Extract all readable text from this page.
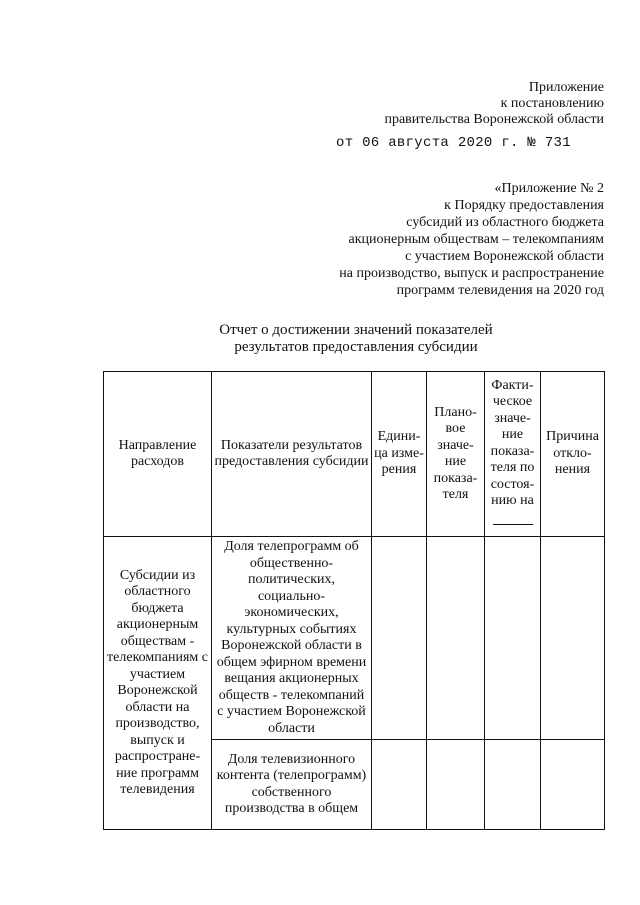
Приложение
к постановлению
правительства Воронежской области
от 06 августа 2020 г. № 731
«Приложение № 2
к Порядку предоставления
субсидий из областного бюджета
акционерным обществам – телекомпаниям
с участием Воронежской области
на производство, выпуск и распространение
программ телевидения на 2020 год
Отчет о достижении значений показателей
результатов предоставления субсидии
Направление расходов	Показатели результатов предоставления субсидии	Едини-ца изме-рения	Плано-вое значе-ние показа-теля	Факти-ческое значе-ние показа-теля по состоя-нию на	Причина откло-нения
Субсидии из областного бюджета акционерным обществам - телекомпаниям с участием Воронежской области на производство, выпуск и распростране-ние программ телевидения	Доля телепрограмм об общественно-политических, социально-экономических, культурных событиях Воронежской области в общем эфирном времени вещания акционерных обществ - телекомпаний с участием Воронежской области				
	Доля телевизионного контента (телепрограмм) собственного производства в общем				
